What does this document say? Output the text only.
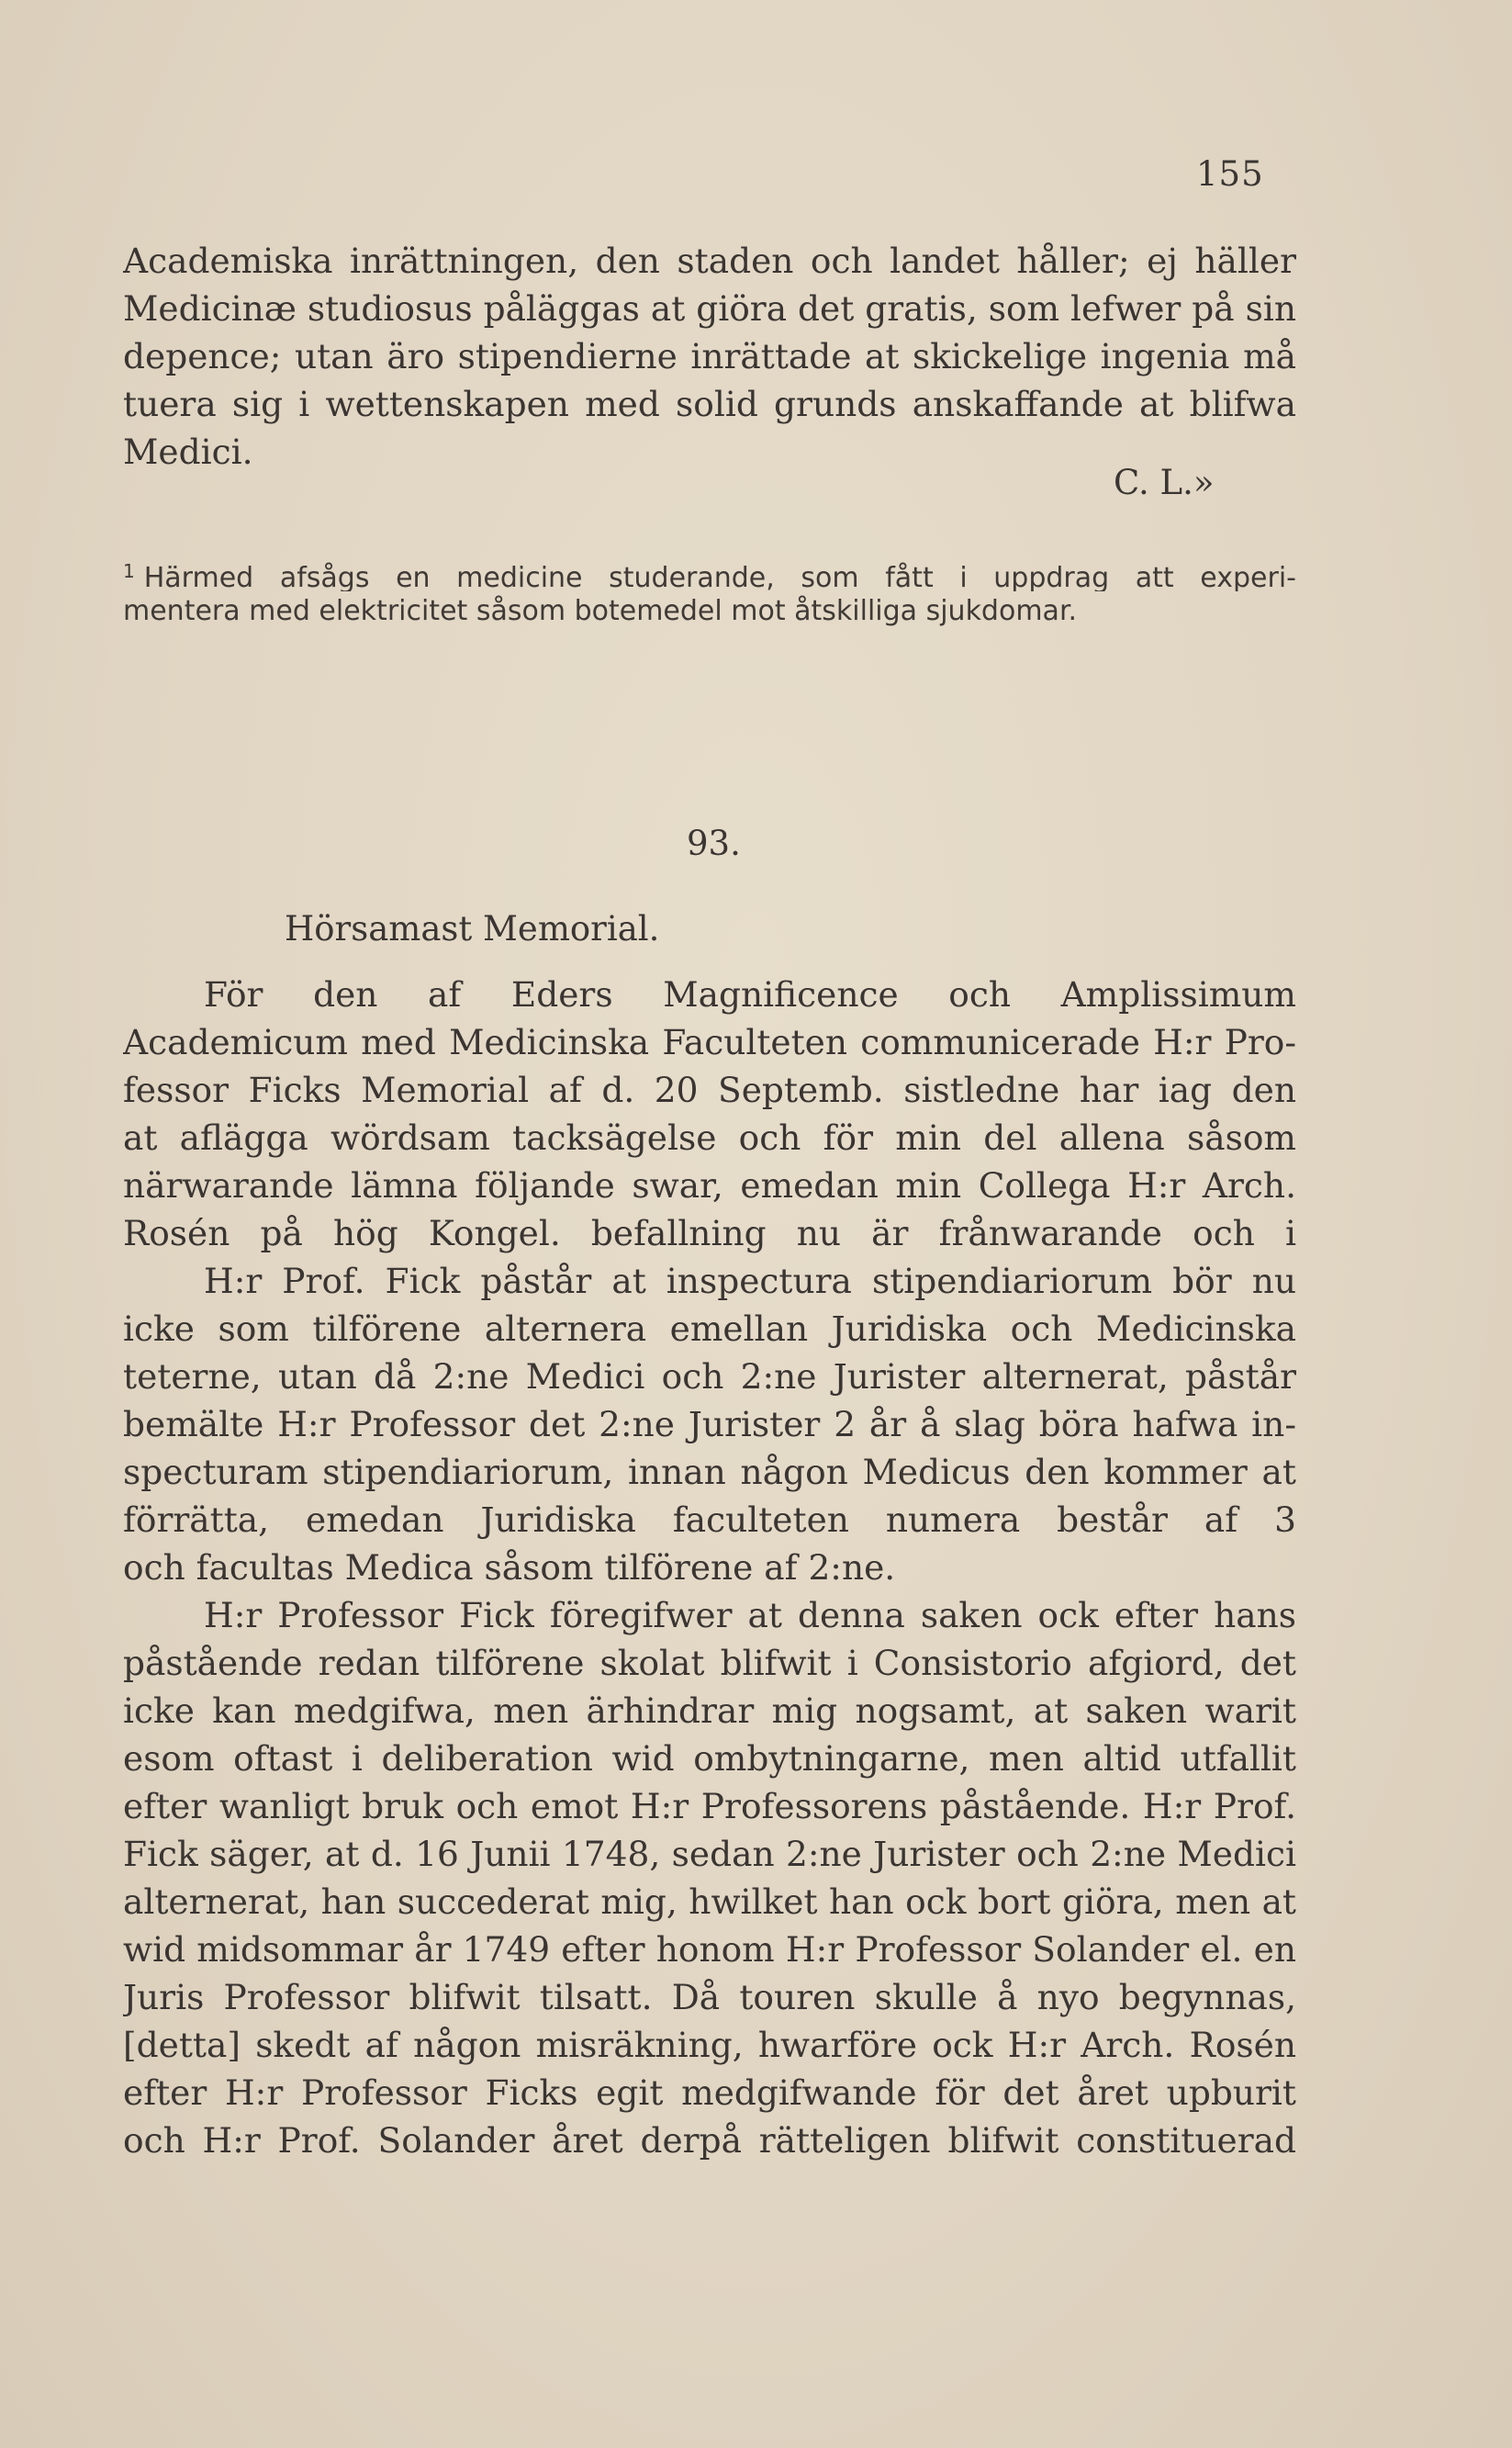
155
Academiska inrättningen, den staden och landet håller; ej häller
Medicinæ studiosus påläggas at giöra det gratis, som lefwer på sin
depence; utan äro stipendierne inrättade at skickelige ingenia må
tuera sig i wettenskapen med solid grunds anskaffande at blifwa
Medici.
C. L.»
$^1$ Härmed afsågs en medicine studerande, som fått i uppdrag att experi-
mentera med elektricitet såsom botemedel mot åtskilliga sjukdomar.
93.
Hörsamast Memorial.
För den af Eders Magnificence och Amplissimum
Academicum med Medicinska Faculteten communicerade H:r Pro-
fessor Ficks Memorial af d. 20 Septemb. sistledne har iag den
at aflägga wördsam tacksägelse och för min del allena såsom
närwarande lämna följande swar, emedan min Collega H:r Arch.
Rosén på hög Kongel. befallning nu är frånwarande och i
H:r Prof. Fick påstår at inspectura stipendiariorum bör nu
icke som tilförene alternera emellan Juridiska och Medicinska
teterne, utan då 2:ne Medici och 2:ne Jurister alternerat, påstår
bemälte H:r Professor det 2:ne Jurister 2 år å slag böra hafwa in-
specturam stipendiariorum, innan någon Medicus den kommer at
förrätta, emedan Juridiska faculteten numera består af 3
och facultas Medica såsom tilförene af 2:ne.
H:r Professor Fick föregifwer at denna saken ock efter hans
påstående redan tilförene skolat blifwit i Consistorio afgiord, det
icke kan medgifwa, men ärhindrar mig nogsamt, at saken warit
esom oftast i deliberation wid ombytningarne, men altid utfallit
efter wanligt bruk och emot H:r Professorens påstående. H:r Prof.
Fick säger, at d. 16 Junii 1748, sedan 2:ne Jurister och 2:ne Medici
alternerat, han succederat mig, hwilket han ock bort giöra, men at
wid midsommar år 1749 efter honom H:r Professor Solander el. en
Juris Professor blifwit tilsatt. Då touren skulle å nyo begynnas,
[detta] skedt af någon misräkning, hwarföre ock H:r Arch. Rosén
efter H:r Professor Ficks egit medgifwande för det året upburit
och H:r Prof. Solander året derpå rätteligen blifwit constituerad
